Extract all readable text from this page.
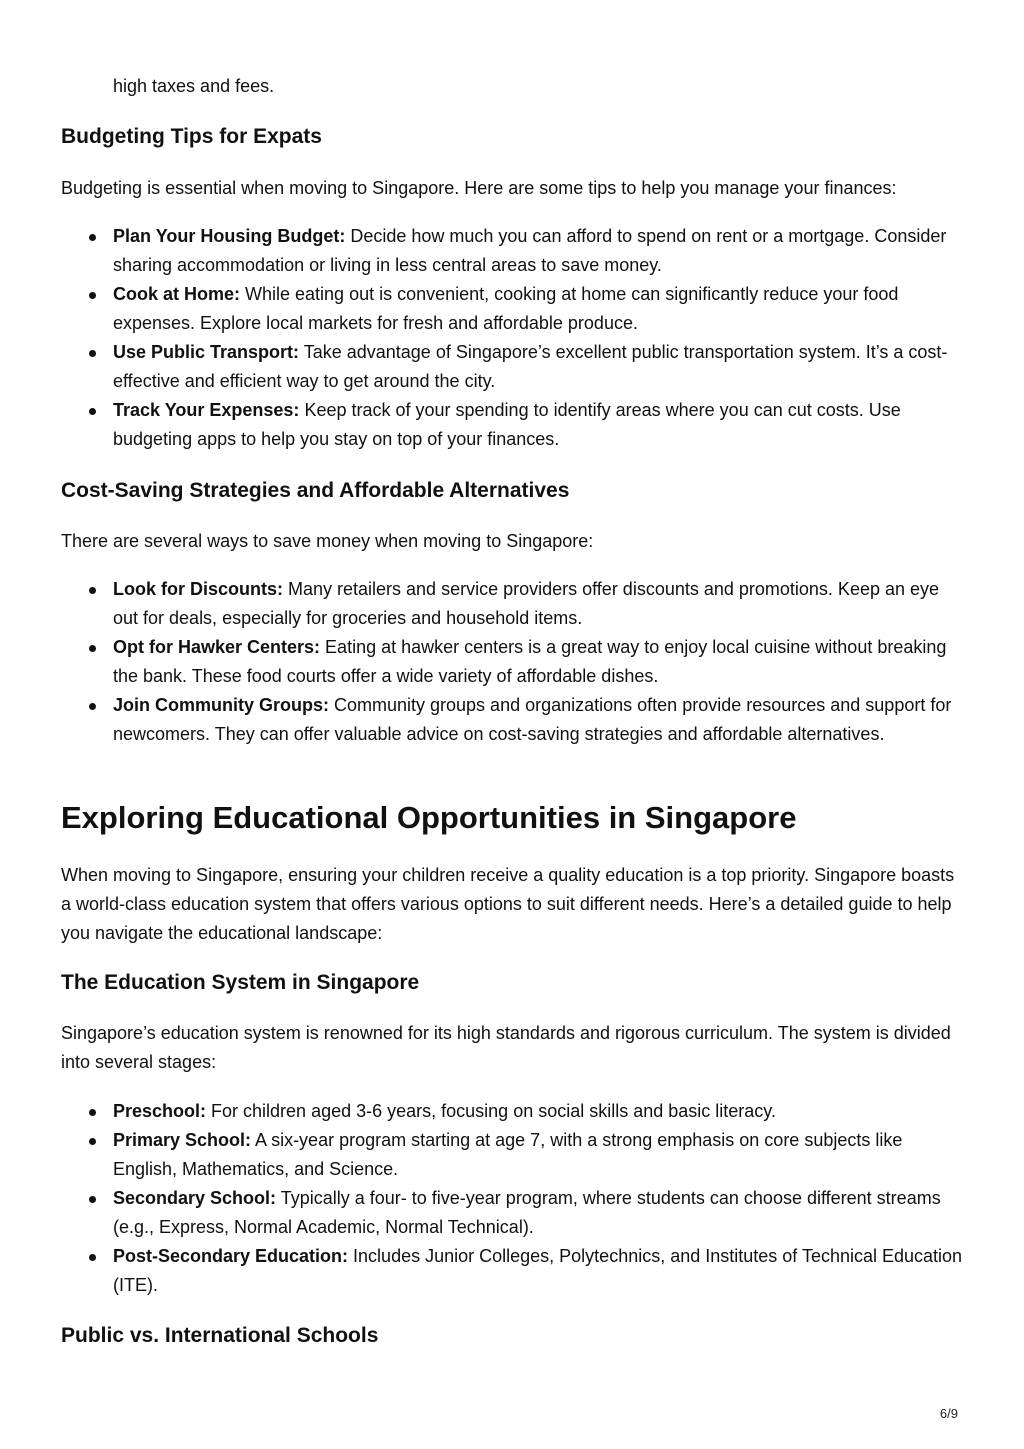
high taxes and fees.

Budgeting Tips for Expats

Budgeting is essential when moving to Singapore. Here are some tips to help you manage your finances:

Plan Your Housing Budget: Decide how much you can afford to spend on rent or a mortgage. Consider sharing accommodation or living in less central areas to save money.
Cook at Home: While eating out is convenient, cooking at home can significantly reduce your food expenses. Explore local markets for fresh and affordable produce.
Use Public Transport: Take advantage of Singapore’s excellent public transportation system. It’s a cost-effective and efficient way to get around the city.
Track Your Expenses: Keep track of your spending to identify areas where you can cut costs. Use budgeting apps to help you stay on top of your finances.
Cost-Saving Strategies and Affordable Alternatives

There are several ways to save money when moving to Singapore:

Look for Discounts: Many retailers and service providers offer discounts and promotions. Keep an eye out for deals, especially for groceries and household items.
Opt for Hawker Centers: Eating at hawker centers is a great way to enjoy local cuisine without breaking the bank. These food courts offer a wide variety of affordable dishes.
Join Community Groups: Community groups and organizations often provide resources and support for newcomers. They can offer valuable advice on cost-saving strategies and affordable alternatives.
Exploring Educational Opportunities in Singapore

When moving to Singapore, ensuring your children receive a quality education is a top priority. Singapore boasts a world-class education system that offers various options to suit different needs. Here’s a detailed guide to help you navigate the educational landscape:

The Education System in Singapore

Singapore’s education system is renowned for its high standards and rigorous curriculum. The system is divided into several stages:

Preschool: For children aged 3-6 years, focusing on social skills and basic literacy.
Primary School: A six-year program starting at age 7, with a strong emphasis on core subjects like English, Mathematics, and Science.
Secondary School: Typically a four- to five-year program, where students can choose different streams (e.g., Express, Normal Academic, Normal Technical).
Post-Secondary Education: Includes Junior Colleges, Polytechnics, and Institutes of Technical Education (ITE).
Public vs. International Schools
6/9
